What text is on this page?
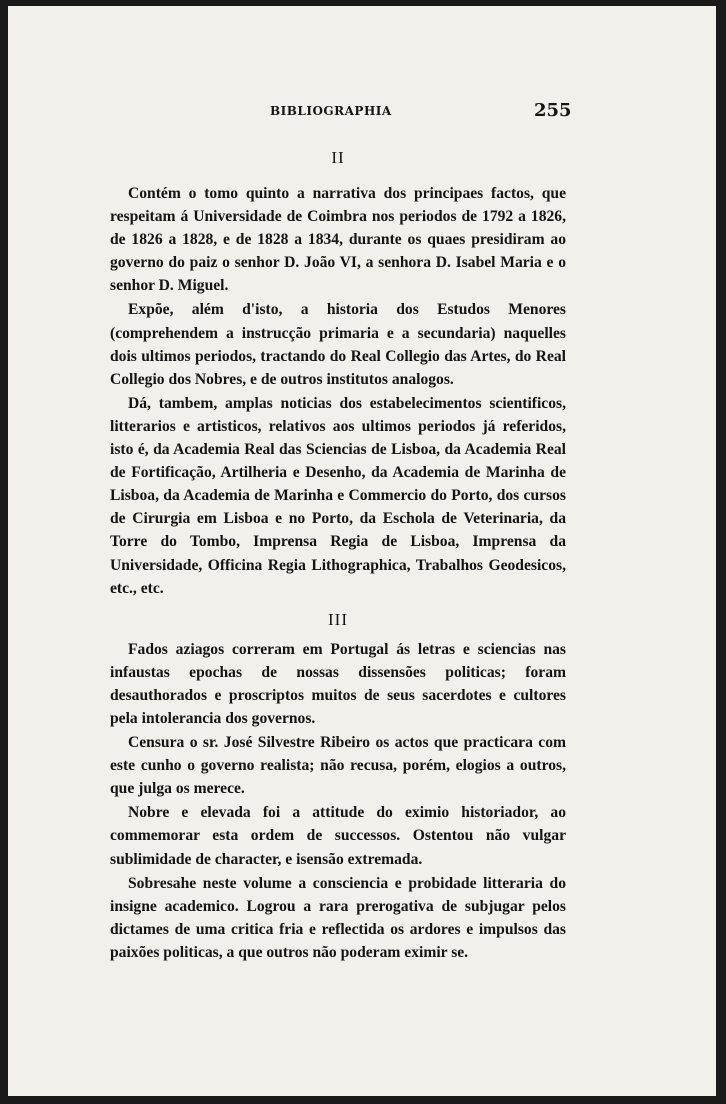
BIBLIOGRAPHIA	255
II

Contém o tomo quinto a narrativa dos principaes factos, que respeitam á Universidade de Coimbra nos periodos de 1792 a 1826, de 1826 a 1828, e de 1828 a 1834, durante os quaes presidiram ao governo do paiz o senhor D. João VI, a senhora D. Isabel Maria e o senhor D. Miguel.

Expõe, além d'isto, a historia dos Estudos Menores (comprehendem a instrucção primaria e a secundaria) naquelles dois ultimos periodos, tractando do Real Collegio das Artes, do Real Collegio dos Nobres, e de outros institutos analogos.

Dá, tambem, amplas noticias dos estabelecimentos scientificos, litterarios e artisticos, relativos aos ultimos periodos já referidos, isto é, da Academia Real das Sciencias de Lisboa, da Academia Real de Fortificação, Artilheria e Desenho, da Academia de Marinha de Lisboa, da Academia de Marinha e Commercio do Porto, dos cursos de Cirurgia em Lisboa e no Porto, da Eschola de Veterinaria, da Torre do Tombo, Imprensa Regia de Lisboa, Imprensa da Universidade, Officina Regia Lithographica, Trabalhos Geodesicos, etc., etc.

III

Fados aziagos correram em Portugal ás letras e sciencias nas infaustas epochas de nossas dissensões politicas; foram desauthorados e proscriptos muitos de seus sacerdotes e cultores pela intolerancia dos governos.

Censura o sr. José Silvestre Ribeiro os actos que practicara com este cunho o governo realista; não recusa, porém, elogios a outros, que julga os merece.

Nobre e elevada foi a attitude do eximio historiador, ao commemorar esta ordem de successos. Ostentou não vulgar sublimidade de character, e isensão extremada.

Sobresahe neste volume a consciencia e probidade litteraria do insigne academico. Logrou a rara prerogativa de subjugar pelos dictames de uma critica fria e reflectida os ardores e impulsos das paixões politicas, a que outros não poderam eximir se.
